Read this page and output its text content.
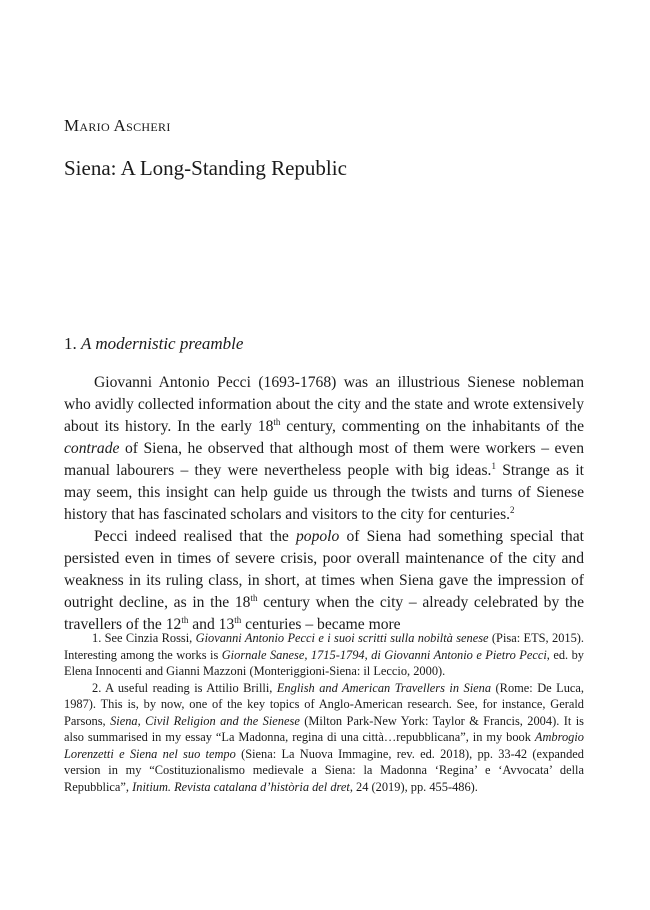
Mario Ascheri
Siena: A Long-Standing Republic
1. A modernistic preamble

Giovanni Antonio Pecci (1693-1768) was an illustrious Sienese nobleman who avidly collected information about the city and the state and wrote extensively about its history. In the early 18th century, commenting on the inhabitants of the contrade of Siena, he observed that although most of them were workers – even manual labourers – they were nevertheless people with big ideas.$^1$ Strange as it may seem, this insight can help guide us through the twists and turns of Sienese history that has fascinated scholars and visitors to the city for centuries.$^2$

Pecci indeed realised that the popolo of Siena had something special that persisted even in times of severe crisis, poor overall maintenance of the city and weakness in its ruling class, in short, at times when Siena gave the impression of outright decline, as in the 18th century when the city – already celebrated by the travellers of the 12th and 13th centuries – became more

1. See Cinzia Rossi, Giovanni Antonio Pecci e i suoi scritti sulla nobiltà senese (Pisa: ETS, 2015). Interesting among the works is Giornale Sanese, 1715-1794, di Giovanni Antonio e Pietro Pecci, ed. by Elena Innocenti and Gianni Mazzoni (Monteriggioni-Siena: il Leccio, 2000).

2. A useful reading is Attilio Brilli, English and American Travellers in Siena (Rome: De Luca, 1987). This is, by now, one of the key topics of Anglo-American research. See, for instance, Gerald Parsons, Siena, Civil Religion and the Sienese (Milton Park-New York: Taylor & Francis, 2004). It is also summarised in my essay “La Madonna, regina di una città…repubblicana”, in my book Ambrogio Lorenzetti e Siena nel suo tempo (Siena: La Nuova Immagine, rev. ed. 2018), pp. 33-42 (expanded version in my “Costituzionalismo medievale a Siena: la Madonna ‘Regina’ e ‘Avvocata’ della Repubblica”, Initium. Revista catalana d’història del dret, 24 (2019), pp. 455-486).
